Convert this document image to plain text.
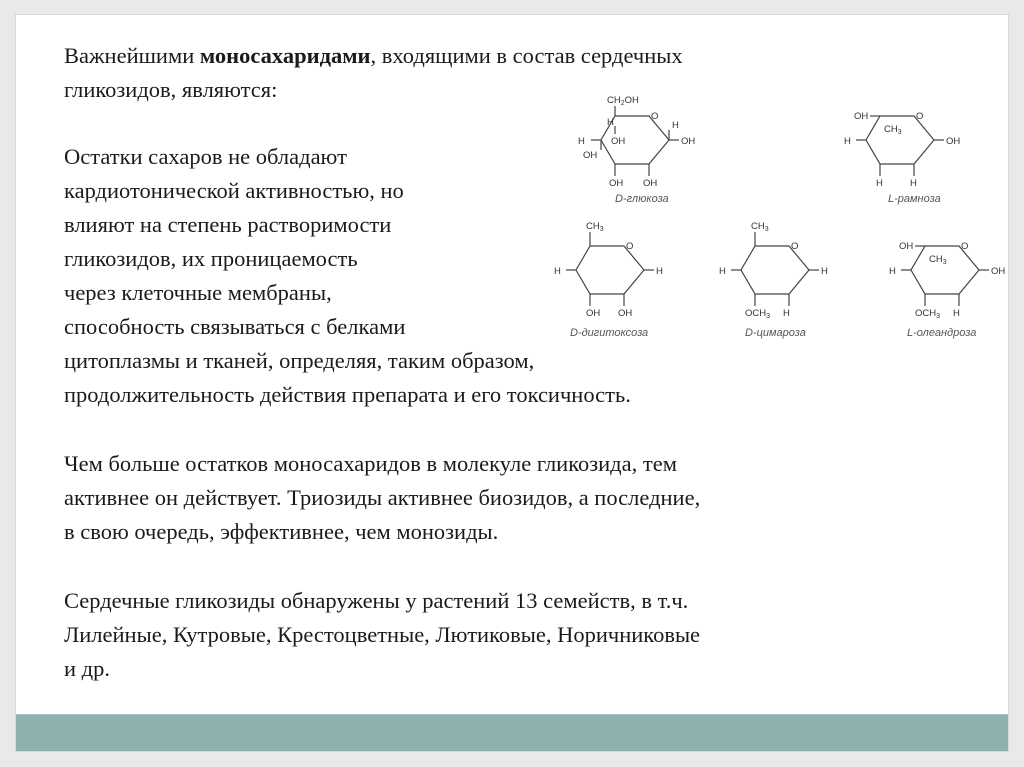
Важнейшими моносахаридами, входящими в состав сердечных
гликозидов, являются:
Остатки сахаров не обладают
кардиотонической активностью, но
влияют на степень растворимости
гликозидов, их проницаемость
через клеточные мембраны,
способность связываться с белками
цитоплазмы и тканей, определяя, таким образом,
продолжительность действия препарата и его токсичность.
Чем больше остатков моносахаридов в молекуле гликозида, тем
активнее он действует. Триозиды активнее биозидов, а последние,
в свою очередь, эффективнее, чем монозиды.
Сердечные гликозиды обнаружены у растений 13 семейств, в т.ч.
Лилейные, Кутровые, Крестоцветные, Лютиковые, Норичниковые
и др.
$CH_2OH$
O
H
H	OH
H
OH
OH
OH OH
D-глюкоза
OH
$CH_3$
O
H	OH
H	H
L-рамноза
$CH_3$
O
H	H
OH OH
D-дигитоксоза
$CH_3$
O
H	H
$OCH_3$ H
D-цимароза
OH
$CH_3$
O
H	OH
$OCH_3$ H
L-олеандроза
